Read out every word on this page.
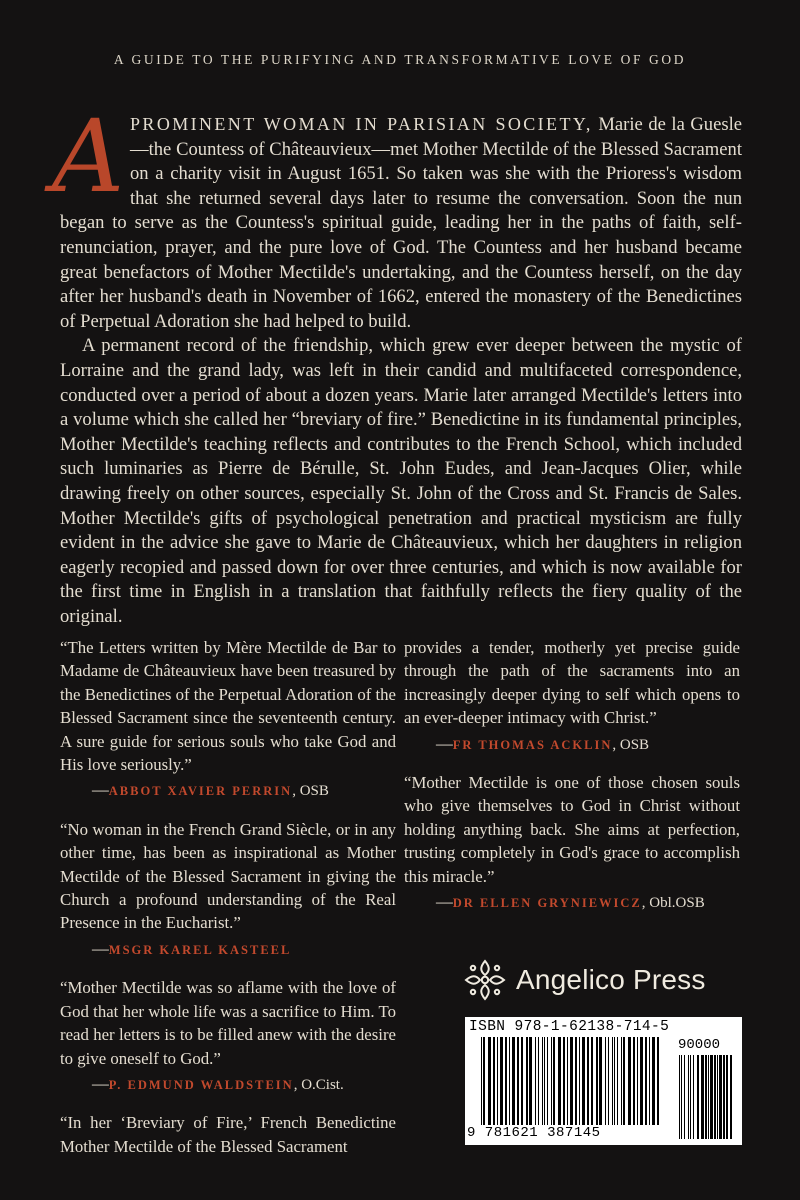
A GUIDE TO THE PURIFYING AND TRANSFORMATIVE LOVE OF GOD

A PROMINENT WOMAN IN PARISIAN SOCIETY, Marie de la Guesle—the Countess of Châteauvieux—met Mother Mectilde of the Blessed Sacrament on a charity visit in August 1651. So taken was she with the Prioress's wisdom that she returned several days later to resume the conversation. Soon the nun began to serve as the Countess's spiritual guide, leading her in the paths of faith, self-renunciation, prayer, and the pure love of God. The Countess and her husband became great benefactors of Mother Mectilde's undertaking, and the Countess herself, on the day after her husband's death in November of 1662, entered the monastery of the Benedictines of Perpetual Adoration she had helped to build.

A permanent record of the friendship, which grew ever deeper between the mystic of Lorraine and the grand lady, was left in their candid and multifaceted correspondence, conducted over a period of about a dozen years. Marie later arranged Mectilde's letters into a volume which she called her “breviary of fire.” Benedictine in its fundamental principles, Mother Mectilde's teaching reflects and contributes to the French School, which included such luminaries as Pierre de Bérulle, St. John Eudes, and Jean-Jacques Olier, while drawing freely on other sources, especially St. John of the Cross and St. Francis de Sales. Mother Mectilde's gifts of psychological penetration and practical mysticism are fully evident in the advice she gave to Marie de Châteauvieux, which her daughters in religion eagerly recopied and passed down for over three centuries, and which is now available for the first time in English in a translation that faithfully reflects the fiery quality of the original.

“The Letters written by Mère Mectilde de Bar to Madame de Châteauvieux have been treasured by the Benedictines of the Perpetual Adoration of the Blessed Sacrament since the seventeenth century. A sure guide for serious souls who take God and His love seriously.”
—ABBOT XAVIER PERRIN, OSB
“No woman in the French Grand Siècle, or in any other time, has been as inspirational as Mother Mectilde of the Blessed Sacrament in giving the Church a profound understanding of the Real Presence in the Eucharist.”
—MSGR KAREL KASTEEL
“Mother Mectilde was so aflame with the love of God that her whole life was a sacrifice to Him. To read her letters is to be filled anew with the desire to give oneself to God.”
—P. EDMUND WALDSTEIN, O.Cist.
“In her ‘Breviary of Fire,’ French Benedictine Mother Mectilde of the Blessed Sacrament
provides a tender, motherly yet precise guide through the path of the sacraments into an increasingly deeper dying to self which opens to an ever-deeper intimacy with Christ.”
—FR THOMAS ACKLIN, OSB
“Mother Mectilde is one of those chosen souls who give themselves to God in Christ without holding anything back. She aims at perfection, trusting completely in God's grace to accomplish this miracle.”
—DR ELLEN GRYNIEWICZ, Obl.OSB
Angelico Press
ISBN 978-1-62138-714-5
90000
9 781621 387145
